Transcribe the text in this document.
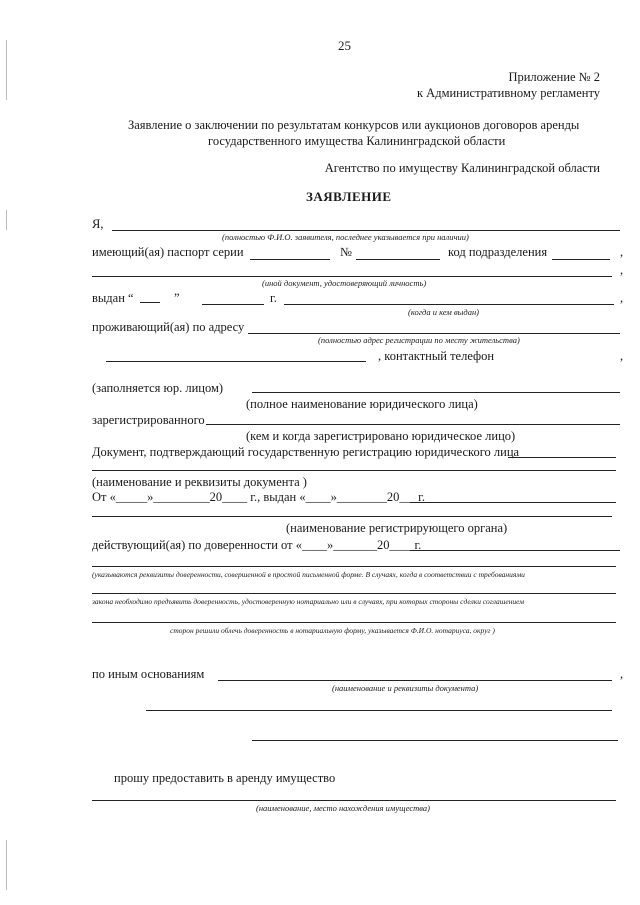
25
Приложение № 2
к Административному регламенту
Заявление о заключении по результатам конкурсов или аукционов договоров аренды
государственного имущества Калининградской области
Агентство по имуществу Калининградской области
ЗАЯВЛЕНИЕ
Я,
(полностью Ф.И.О. заявителя, последнее указывается при наличии)
имеющий(ая) паспорт серии	№	код подразделения	,
,
(иной документ, удостоверяющий личность)
выдан “	”	г.	,
(когда и кем выдан)
проживающий(ая) по адресу
(полностью адрес регистрации по месту жительства)
, контактный телефон	,
(заполняется юр. лицом)
(полное наименование юридического лица)
зарегистрированного
(кем и когда зарегистрировано юридическое лицо)
Документ, подтверждающий государственную регистрацию юридического лица
(наименование и реквизиты документа )
От «_____»_________20____ г., выдан «____»________20___г.
(наименование регистрирующего органа)
действующий(ая) по доверенности от «____»_______20____г.
(указываются реквизиты доверенности, совершенной в простой письменной форме. В случаях, когда в соответствии с требованиями
закона необходимо предъявить доверенность, удостоверенную нотариально или в случаях, при которых стороны сделки соглашением
сторон решили облечь доверенность в нотариальную форму, указывается Ф.И.О. нотариуса, округ )
по иным основаниям	,
(наименование и реквизиты документа)
прошу предоставить в аренду имущество
(наименование, место нахождения имущества)
